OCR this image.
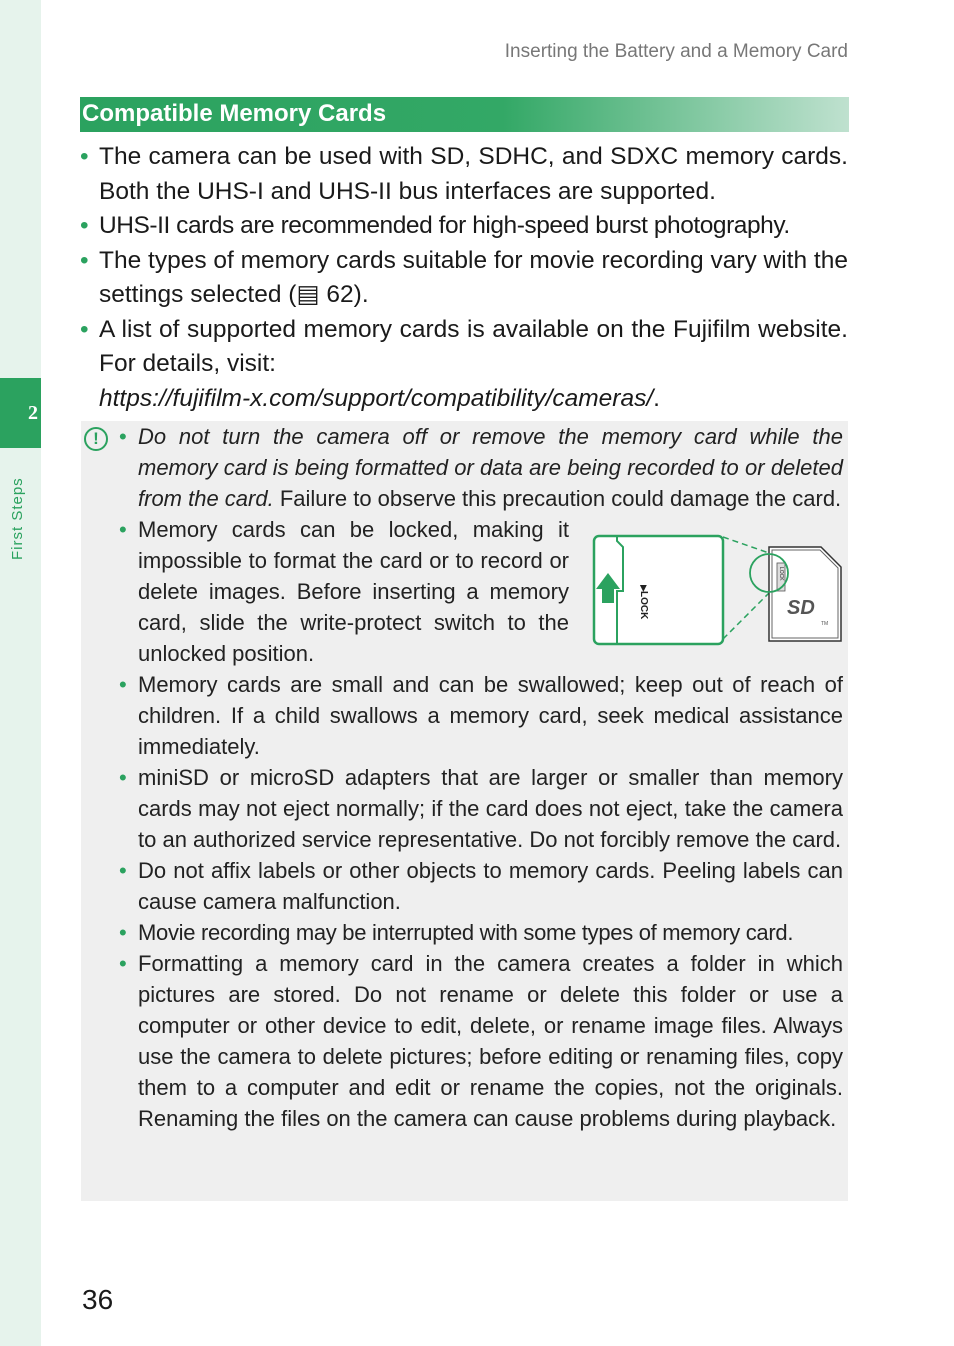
2
First Steps
Inserting the Battery and a Memory Card
Compatible Memory Cards
• The camera can be used with SD, SDHC, and SDXC memory cards. Both the UHS-I and UHS-II bus interfaces are supported.
• UHS-II cards are recommended for high-speed burst photography.
• The types of memory cards suitable for movie recording vary with the settings selected (▤ 62).
• A list of supported memory cards is available on the Fujifilm website. For details, visit:
https://fujifilm-x.com/support/compatibility/cameras/.
!
•	Do not turn the camera off or remove the memory card while the memory card is being formatted or data are being recorded to or deleted from the card. Failure to observe this precaution could damage the card.
• Memory cards can be locked, making it impossible to format the card or to record or delete images. Before inserting a memory card, slide the write-protect switch to the unlocked position.
• Memory cards are small and can be swallowed; keep out of reach of children. If a child swallows a memory card, seek medical assistance immediately.
• miniSD or microSD adapters that are larger or smaller than memory cards may not eject normally; if the card does not eject, take the camera to an authorized service representative. Do not forcibly remove the card.
• Do not affix labels or other objects to memory cards. Peeling labels can cause camera malfunction.
• Movie recording may be interrupted with some types of memory card.
• Formatting a memory card in the camera creates a folder in which pictures are stored. Do not rename or delete this folder or use a computer or other device to edit, delete, or rename image files. Always use the camera to delete pictures; before editing or renaming files, copy them to a computer and edit or rename the copies, not the originals. Renaming the files on the camera can cause problems during playback.
LOCK
▶
LOCK
SD
TM
36
